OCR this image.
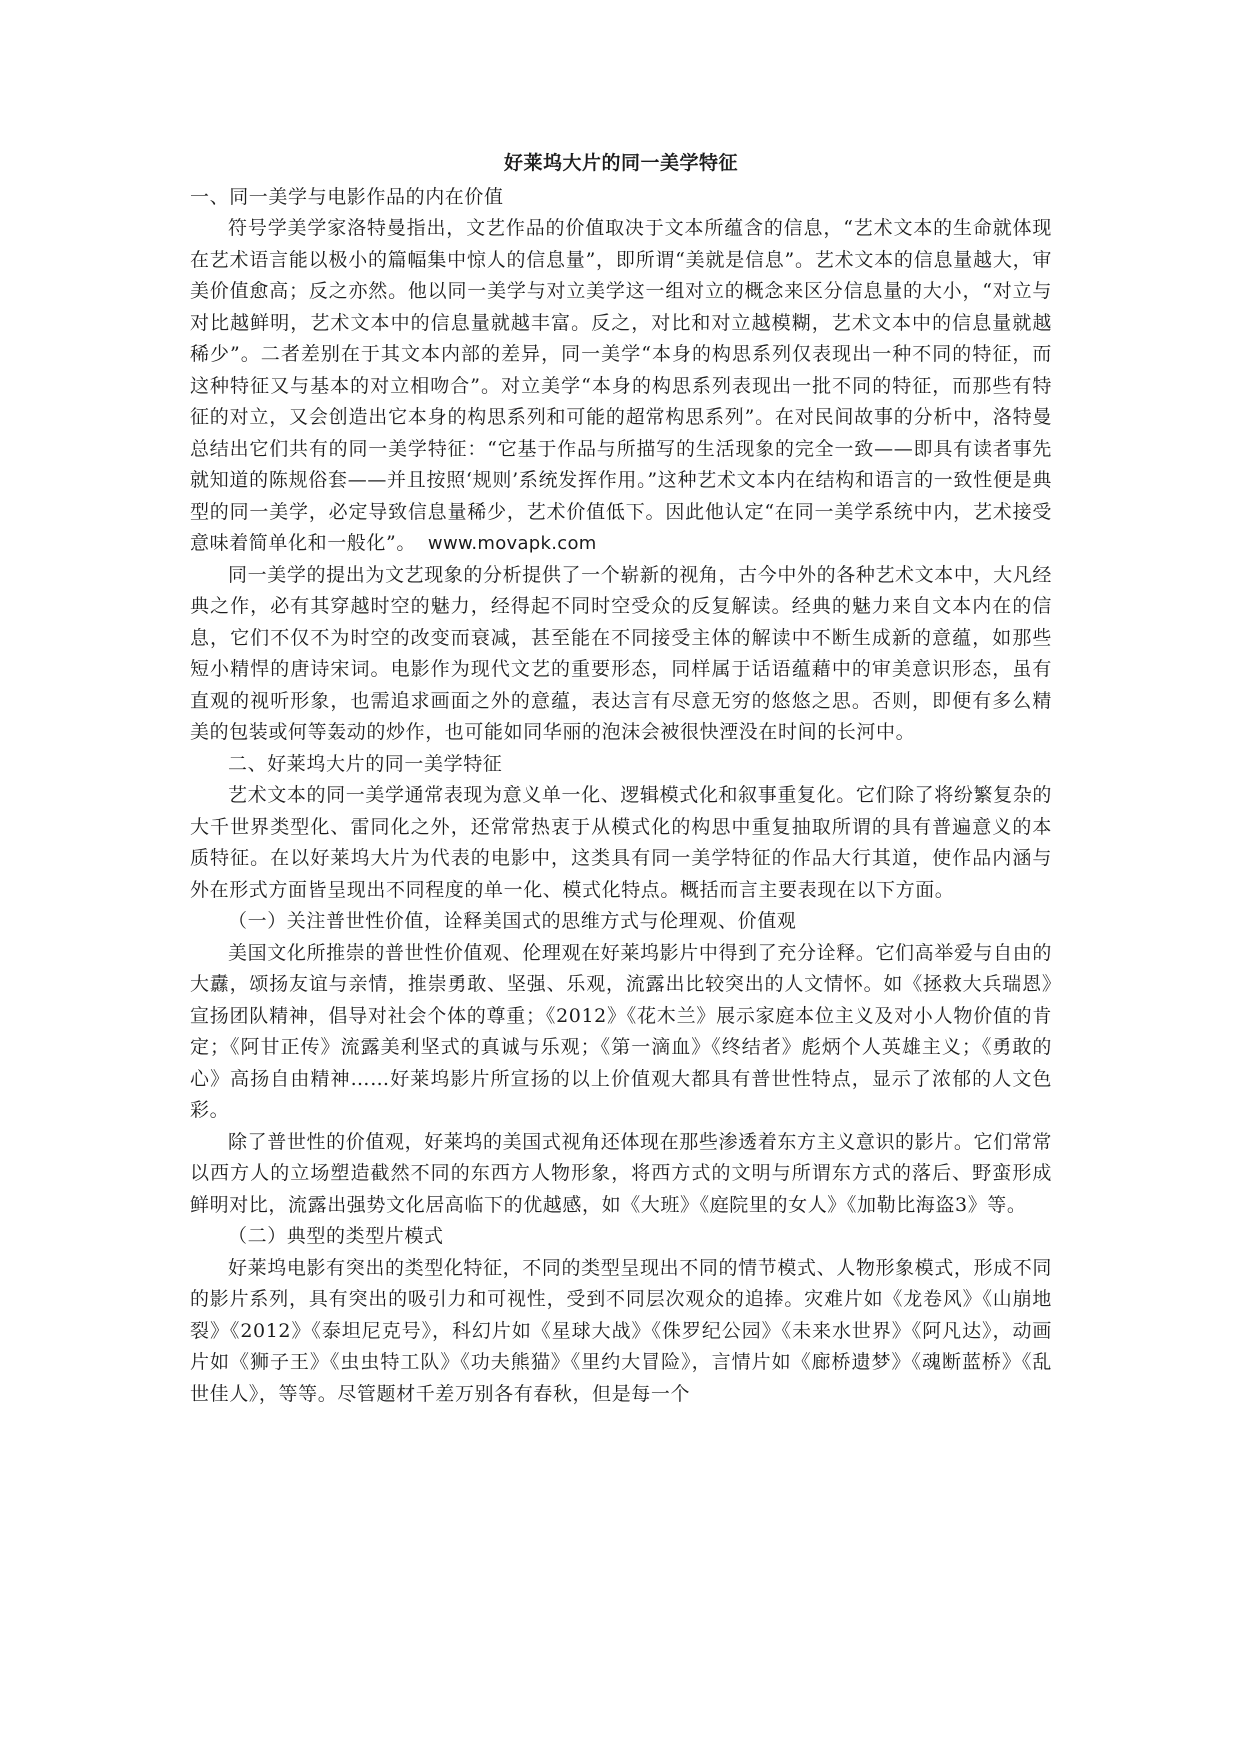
好莱坞大片的同一美学特征

一、同一美学与电影作品的内在价值

符号学美学家洛特曼指出，文艺作品的价值取决于文本所蕴含的信息，“艺术文本的生命就体现在艺术语言能以极小的篇幅集中惊人的信息量”，即所谓“美就是信息”。艺术文本的信息量越大，审美价值愈高；反之亦然。他以同一美学与对立美学这一组对立的概念来区分信息量的大小，“对立与对比越鲜明，艺术文本中的信息量就越丰富。反之，对比和对立越模糊，艺术文本中的信息量就越稀少”。二者差别在于其文本内部的差异，同一美学“本身的构思系列仅表现出一种不同的特征，而这种特征又与基本的对立相吻合”。对立美学“本身的构思系列表现出一批不同的特征，而那些有特征的对立，又会创造出它本身的构思系列和可能的超常构思系列”。在对民间故事的分析中，洛特曼总结出它们共有的同一美学特征：“它基于作品与所描写的生活现象的完全一致——即具有读者事先就知道的陈规俗套——并且按照‘规则’系统发挥作用。”这种艺术文本内在结构和语言的一致性便是典型的同一美学，必定导致信息量稀少，艺术价值低下。因此他认定“在同一美学系统中内，艺术接受意味着简单化和一般化”。 www.movapk.com

同一美学的提出为文艺现象的分析提供了一个崭新的视角，古今中外的各种艺术文本中，大凡经典之作，必有其穿越时空的魅力，经得起不同时空受众的反复解读。经典的魅力来自文本内在的信息，它们不仅不为时空的改变而衰减，甚至能在不同接受主体的解读中不断生成新的意蕴，如那些短小精悍的唐诗宋词。电影作为现代文艺的重要形态，同样属于话语蕴藉中的审美意识形态，虽有直观的视听形象，也需追求画面之外的意蕴，表达言有尽意无穷的悠悠之思。否则，即便有多么精美的包装或何等轰动的炒作，也可能如同华丽的泡沫会被很快湮没在时间的长河中。

二、好莱坞大片的同一美学特征

艺术文本的同一美学通常表现为意义单一化、逻辑模式化和叙事重复化。它们除了将纷繁复杂的大千世界类型化、雷同化之外，还常常热衷于从模式化的构思中重复抽取所谓的具有普遍意义的本质特征。在以好莱坞大片为代表的电影中，这类具有同一美学特征的作品大行其道，使作品内涵与外在形式方面皆呈现出不同程度的单一化、模式化特点。概括而言主要表现在以下方面。

（一）关注普世性价值，诠释美国式的思维方式与伦理观、价值观

美国文化所推崇的普世性价值观、伦理观在好莱坞影片中得到了充分诠释。它们高举爱与自由的大纛，颂扬友谊与亲情，推崇勇敢、坚强、乐观，流露出比较突出的人文情怀。如《拯救大兵瑞恩》宣扬团队精神，倡导对社会个体的尊重；《2012》《花木兰》展示家庭本位主义及对小人物价值的肯定；《阿甘正传》流露美利坚式的真诚与乐观；《第一滴血》《终结者》彪炳个人英雄主义；《勇敢的心》高扬自由精神……好莱坞影片所宣扬的以上价值观大都具有普世性特点，显示了浓郁的人文色彩。

除了普世性的价值观，好莱坞的美国式视角还体现在那些渗透着东方主义意识的影片。它们常常以西方人的立场塑造截然不同的东西方人物形象，将西方式的文明与所谓东方式的落后、野蛮形成鲜明对比，流露出强势文化居高临下的优越感，如《大班》《庭院里的女人》《加勒比海盗3》等。

（二）典型的类型片模式

好莱坞电影有突出的类型化特征，不同的类型呈现出不同的情节模式、人物形象模式，形成不同的影片系列，具有突出的吸引力和可视性，受到不同层次观众的追捧。灾难片如《龙卷风》《山崩地裂》《2012》《泰坦尼克号》，科幻片如《星球大战》《侏罗纪公园》《未来水世界》《阿凡达》，动画片如《狮子王》《虫虫特工队》《功夫熊猫》《里约大冒险》，言情片如《廊桥遗梦》《魂断蓝桥》《乱世佳人》，等等。尽管题材千差万别各有春秋，但是每一个
